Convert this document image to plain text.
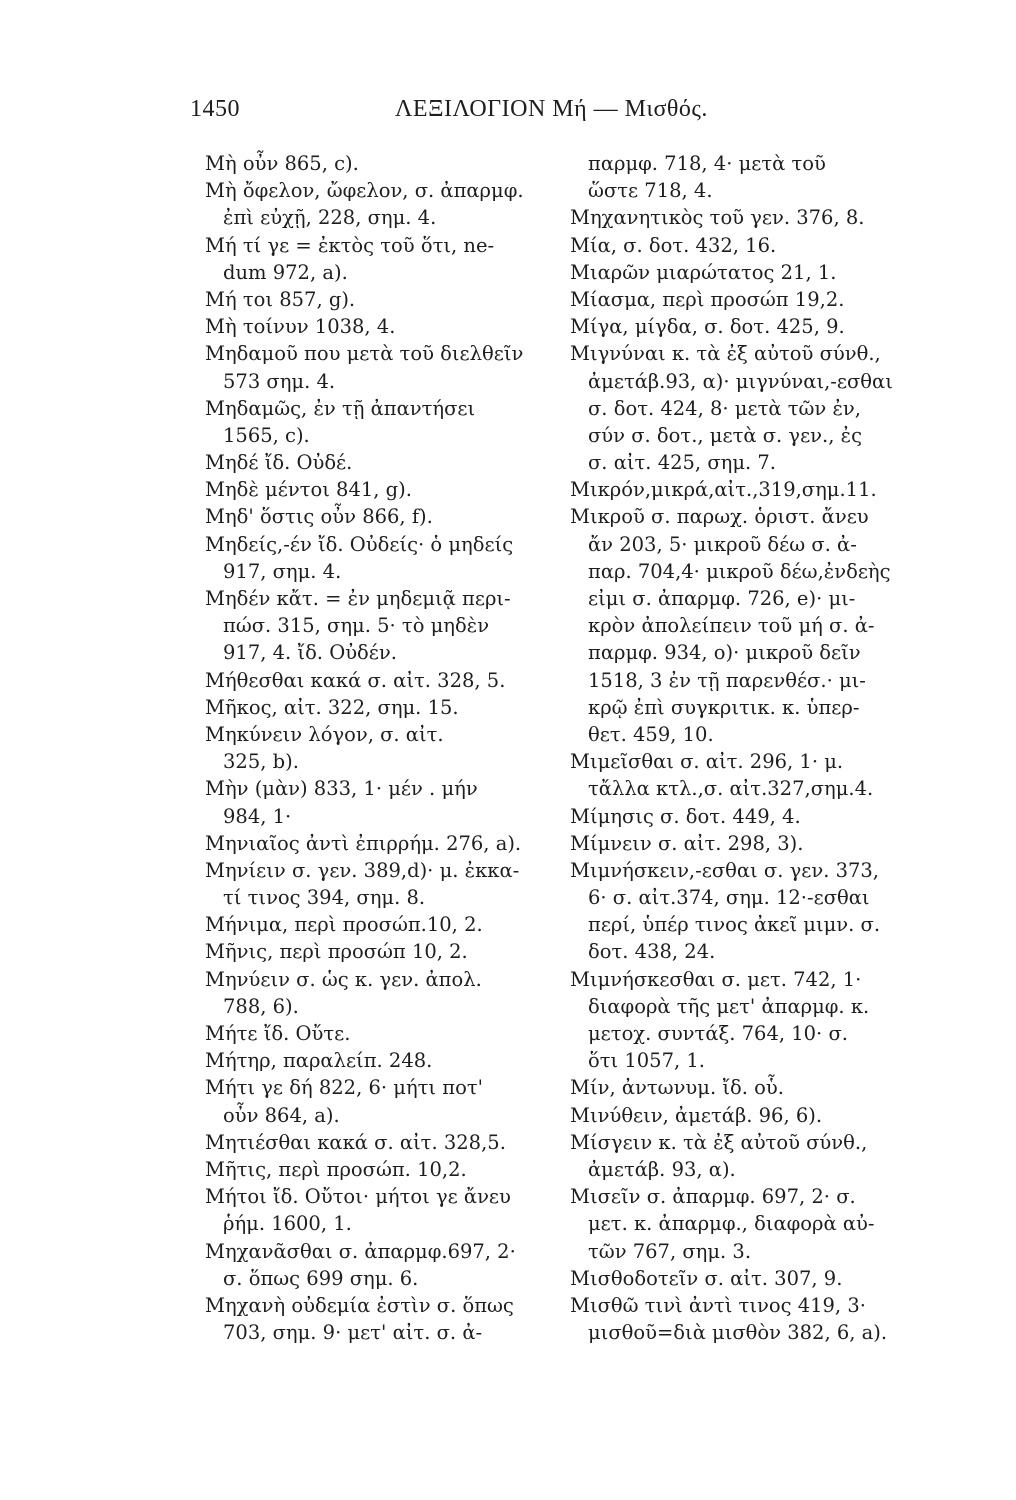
1450	ΛΕΞΙΛΟΓΙΟΝ Μή — Μισθός.
Μὴ οὖν 865, c).
Μὴ ὄφελον, ὤφελον, σ. ἀπαρμφ.
ἐπὶ εὐχῇ, 228, σημ. 4.
Μή τί γε = ἐκτὸς τοῦ ὅτι, ne-
dum 972, a).
Μή τοι 857, g).
Μὴ τοίνυν 1038, 4.
Μηδαμοῦ που μετὰ τοῦ διελθεῖν
573 σημ. 4.
Μηδαμῶς, ἐν τῇ ἀπαντήσει
1565, c).
Μηδέ ἴδ. Οὐδέ.
Μηδὲ μέντοι 841, g).
Μηδ' ὅστις οὖν 866, f).
Μηδείς,-έν ἴδ. Οὐδείς· ὁ μηδείς
917, σημ. 4.
Μηδέν κἄτ. = ἐν μηδεμιᾷ περι-
πώσ. 315, σημ. 5· τὸ μηδὲν
917, 4. ἴδ. Οὐδέν.
Μήθεσθαι κακά σ. αἰτ. 328, 5.
Μῆκος, αἰτ. 322, σημ. 15.
Μηκύνειν λόγον, σ. αἰτ.
325, b).
Μὴν (μὰν) 833, 1· μέν . μήν
984, 1·
Μηνιαῖος ἀντὶ ἐπιρρήμ. 276, a).
Μηνίειν σ. γεν. 389,d)· μ. ἐκκα-
τί τινος 394, σημ. 8.
Μήνιμα, περὶ προσώπ.10, 2.
Μῆνις, περὶ προσώπ 10, 2.
Μηνύειν σ. ὡς κ. γεν. ἀπολ.
788, 6).
Μήτε ἴδ. Οὔτε.
Μήτηρ, παραλείπ. 248.
Μήτι γε δή 822, 6· μήτι ποτ'
οὖν 864, a).
Μητιέσθαι κακά σ. αἰτ. 328,5.
Μῆτις, περὶ προσώπ. 10,2.
Μήτοι ἴδ. Οὔτοι· μήτοι γε ἄνευ
ῥήμ. 1600, 1.
Μηχανᾶσθαι σ. ἀπαρμφ.697, 2·
σ. ὅπως 699 σημ. 6.
Μηχανὴ οὐδεμία ἐστὶν σ. ὅπως
703, σημ. 9· μετ' αἰτ. σ. ἀ-
παρμφ. 718, 4· μετὰ τοῦ
ὥστε 718, 4.
Μηχανητικὸς τοῦ γεν. 376, 8.
Μία, σ. δοτ. 432, 16.
Μιαρῶν μιαρώτατος 21, 1.
Μίασμα, περὶ προσώπ 19,2.
Μίγα, μίγδα, σ. δοτ. 425, 9.
Μιγνύναι κ. τὰ ἐξ αὐτοῦ σύνθ.,
ἀμετάβ.93, α)· μιγνύναι,-εσθαι
σ. δοτ. 424, 8· μετὰ τῶν ἐν,
σύν σ. δοτ., μετὰ σ. γεν., ἐς
σ. αἰτ. 425, σημ. 7.
Μικρόν,μικρά,αἰτ.,319,σημ.11.
Μικροῦ σ. παρωχ. ὁριστ. ἄνευ
ἄν 203, 5· μικροῦ δέω σ. ἀ-
παρ. 704,4· μικροῦ δέω,ἐνδεὴς
εἰμι σ. ἀπαρμφ. 726, e)· μι-
κρὸν ἀπολείπειν τοῦ μή σ. ἀ-
παρμφ. 934, o)· μικροῦ δεῖν
1518, 3 ἐν τῇ παρενθέσ.· μι-
κρῷ ἐπὶ συγκριτικ. κ. ὑπερ-
θετ. 459, 10.
Μιμεῖσθαι σ. αἰτ. 296, 1· μ.
τἄλλα κτλ.,σ. αἰτ.327,σημ.4.
Μίμησις σ. δοτ. 449, 4.
Μίμνειν σ. αἰτ. 298, 3).
Μιμνήσκειν,-εσθαι σ. γεν. 373,
6· σ. αἰτ.374, σημ. 12·-εσθαι
περί, ὑπέρ τινος ἀκεῖ μιμν. σ.
δοτ. 438, 24.
Μιμνήσκεσθαι σ. μετ. 742, 1·
διαφορὰ τῆς μετ' ἀπαρμφ. κ.
μετοχ. συντάξ. 764, 10· σ.
ὅτι 1057, 1.
Μίν, ἀντωνυμ. ἴδ. οὗ.
Μινύθειν, ἀμετάβ. 96, 6).
Μίσγειν κ. τὰ ἐξ αὐτοῦ σύνθ.,
ἀμετάβ. 93, α).
Μισεῖν σ. ἀπαρμφ. 697, 2· σ.
μετ. κ. ἀπαρμφ., διαφορὰ αὐ-
τῶν 767, σημ. 3.
Μισθοδοτεῖν σ. αἰτ. 307, 9.
Μισθῶ τινὶ ἀντὶ τινος 419, 3·
μισθοῦ=διὰ μισθὸν 382, 6, a).
